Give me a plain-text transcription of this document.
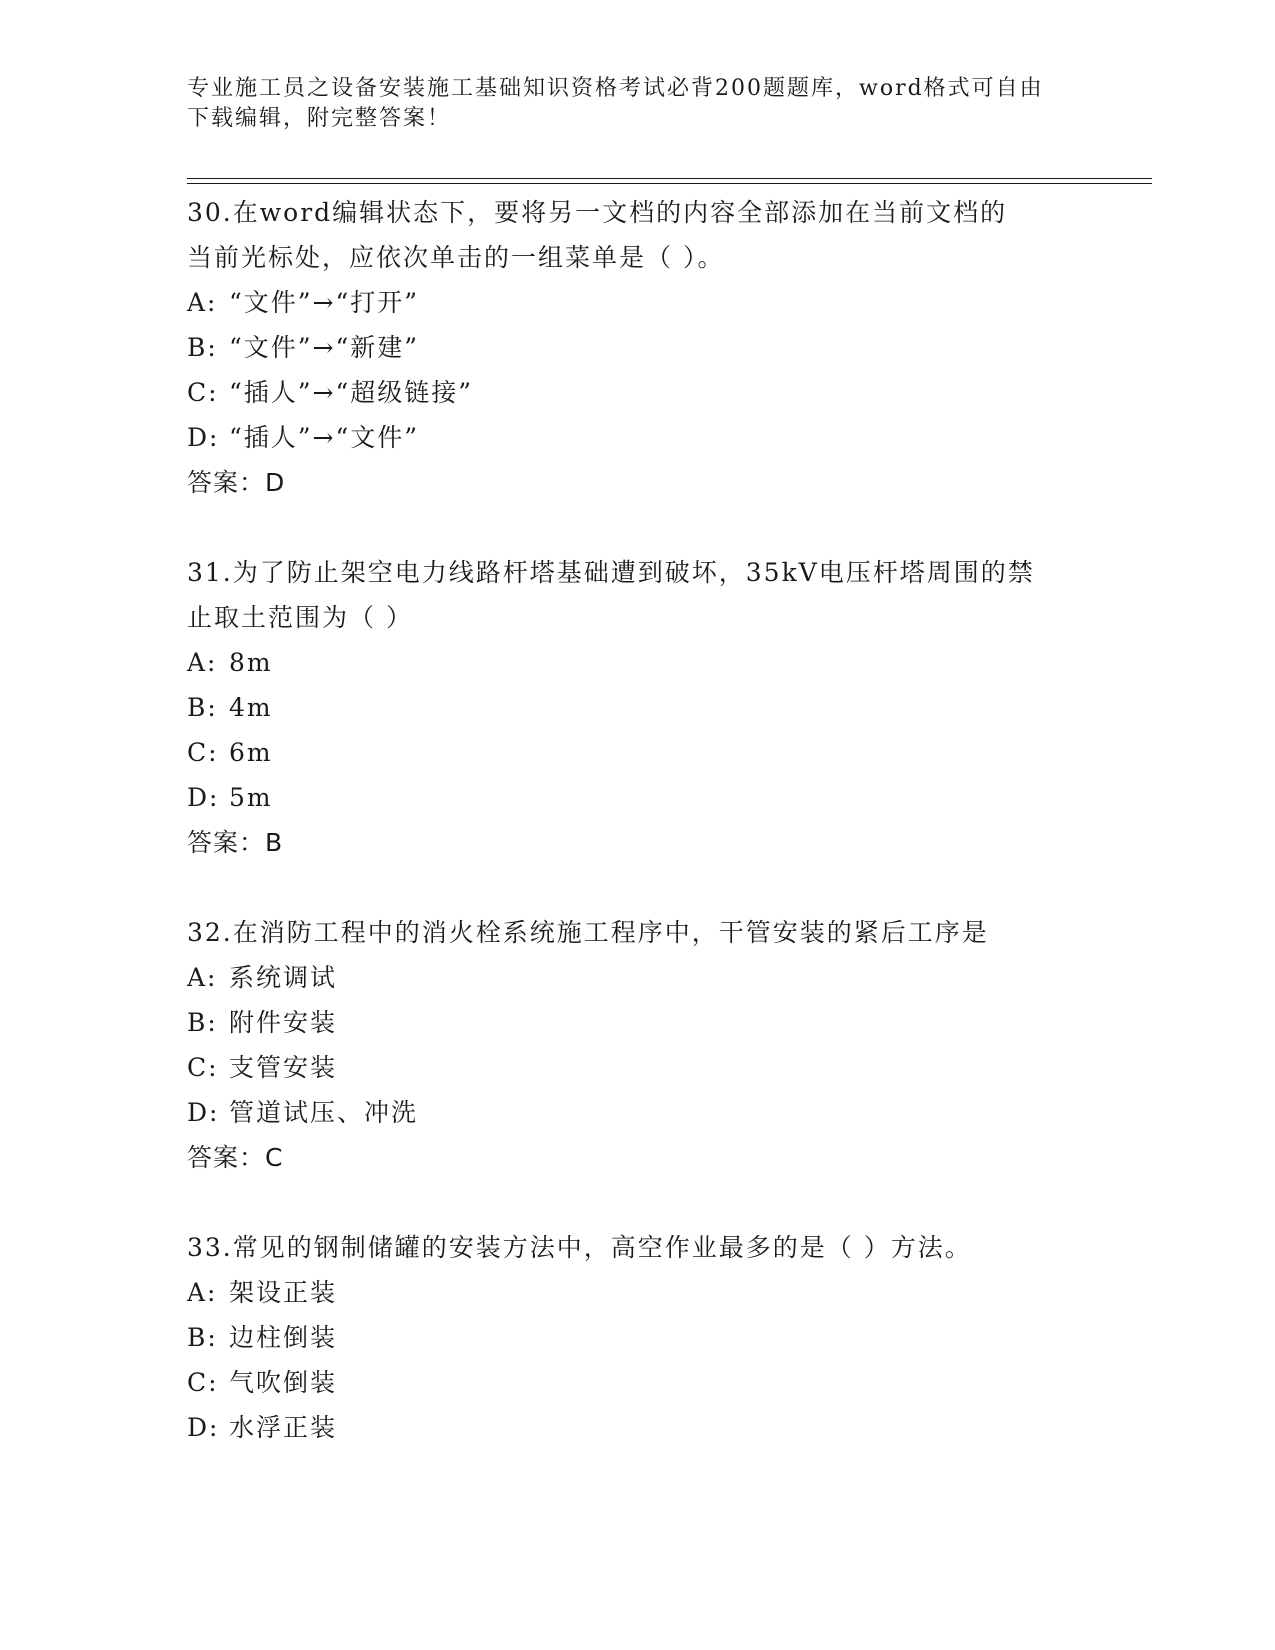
专业施工员之设备安装施工基础知识资格考试必背200题题库，word格式可自由
下载编辑，附完整答案！

30.在word编辑状态下，要将另一文档的内容全部添加在当前文档的

当前光标处，应依次单击的一组菜单是（ ）。

A: “文件”→“打开”
B: “文件”→“新建”
C: “插人”→“超级链接”
D: “插人”→“文件”

答案：D

31.为了防止架空电力线路杆塔基础遭到破坏，35kV电压杆塔周围的禁

止取土范围为（ ）

A: 8m
B: 4m
C: 6m
D: 5m

答案：B

32.在消防工程中的消火栓系统施工程序中，干管安装的紧后工序是

A: 系统调试
B: 附件安装
C: 支管安装
D: 管道试压、冲洗

答案：C

33.常见的钢制储罐的安装方法中，高空作业最多的是（ ）方法。

A: 架设正装
B: 边柱倒装
C: 气吹倒装
D: 水浮正装
